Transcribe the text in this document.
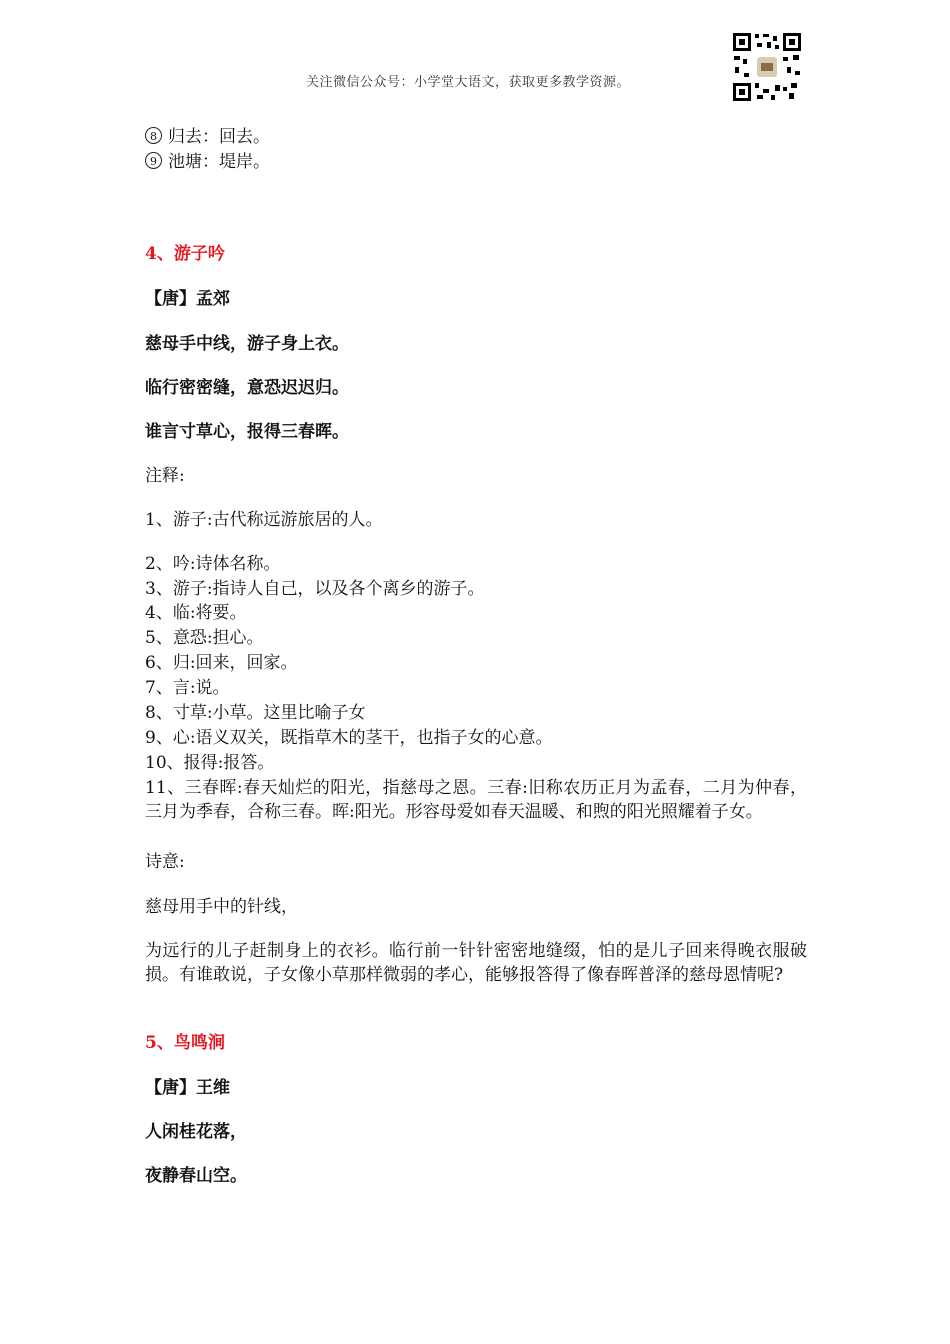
关注微信公众号：小学堂大语文，获取更多教学资源。
8 归去：回去。
9 池塘：堤岸。
4、游子吟
【唐】孟郊
慈母手中线，游子身上衣。
临行密密缝，意恐迟迟归。
谁言寸草心，报得三春晖。
注释:
1、游子:古代称远游旅居的人。
2、吟:诗体名称。
3、游子:指诗人自己，以及各个离乡的游子。
4、临:将要。
5、意恐:担心。
6、归:回来，回家。
7、言:说。
8、寸草:小草。这里比喻子女
9、心:语义双关，既指草木的茎干，也指子女的心意。
10、报得:报答。
11、三春晖:春天灿烂的阳光，指慈母之恩。三春:旧称农历正月为孟春，二月为仲春，三月为季春，合称三春。晖:阳光。形容母爱如春天温暖、和煦的阳光照耀着子女。
诗意:
慈母用手中的针线，
为远行的儿子赶制身上的衣衫。临行前一针针密密地缝缀，怕的是儿子回来得晚衣服破损。有谁敢说，子女像小草那样微弱的孝心，能够报答得了像春晖普泽的慈母恩情呢?
5、鸟鸣涧
【唐】王维
人闲桂花落，
夜静春山空。
